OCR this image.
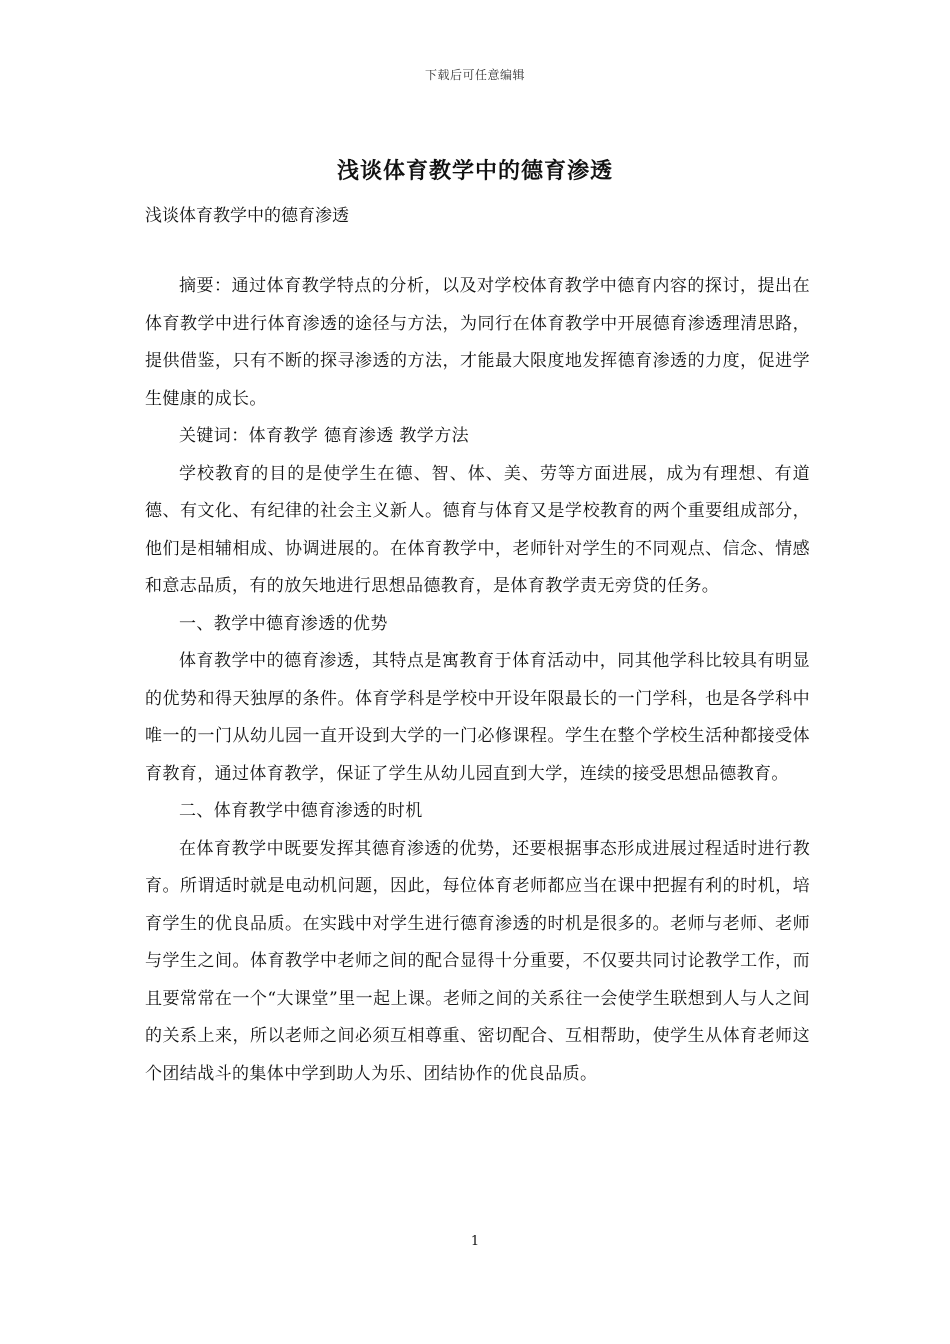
下载后可任意编辑
浅谈体育教学中的德育渗透

浅谈体育教学中的德育渗透

摘要：通过体育教学特点的分析，以及对学校体育教学中德育内容的探讨，提出在体育教学中进行体育渗透的途径与方法，为同行在体育教学中开展德育渗透理清思路，提供借鉴，只有不断的探寻渗透的方法，才能最大限度地发挥德育渗透的力度，促进学生健康的成长。

关键词：体育教学 德育渗透 教学方法

学校教育的目的是使学生在德、智、体、美、劳等方面进展，成为有理想、有道德、有文化、有纪律的社会主义新人。德育与体育又是学校教育的两个重要组成部分，他们是相辅相成、协调进展的。在体育教学中，老师针对学生的不同观点、信念、情感和意志品质，有的放矢地进行思想品德教育，是体育教学责无旁贷的任务。

一、教学中德育渗透的优势

体育教学中的德育渗透，其特点是寓教育于体育活动中，同其他学科比较具有明显的优势和得天独厚的条件。体育学科是学校中开设年限最长的一门学科，也是各学科中唯一的一门从幼儿园一直开设到大学的一门必修课程。学生在整个学校生活种都接受体育教育，通过体育教学，保证了学生从幼儿园直到大学，连续的接受思想品德教育。

二、体育教学中德育渗透的时机

在体育教学中既要发挥其德育渗透的优势，还要根据事态形成进展过程适时进行教育。所谓适时就是电动机问题，因此，每位体育老师都应当在课中把握有利的时机，培育学生的优良品质。在实践中对学生进行德育渗透的时机是很多的。老师与老师、老师与学生之间。体育教学中老师之间的配合显得十分重要，不仅要共同讨论教学工作，而且要常常在一个“大课堂”里一起上课。老师之间的关系往一会使学生联想到人与人之间的关系上来，所以老师之间必须互相尊重、密切配合、互相帮助，使学生从体育老师这个团结战斗的集体中学到助人为乐、团结协作的优良品质。

1
